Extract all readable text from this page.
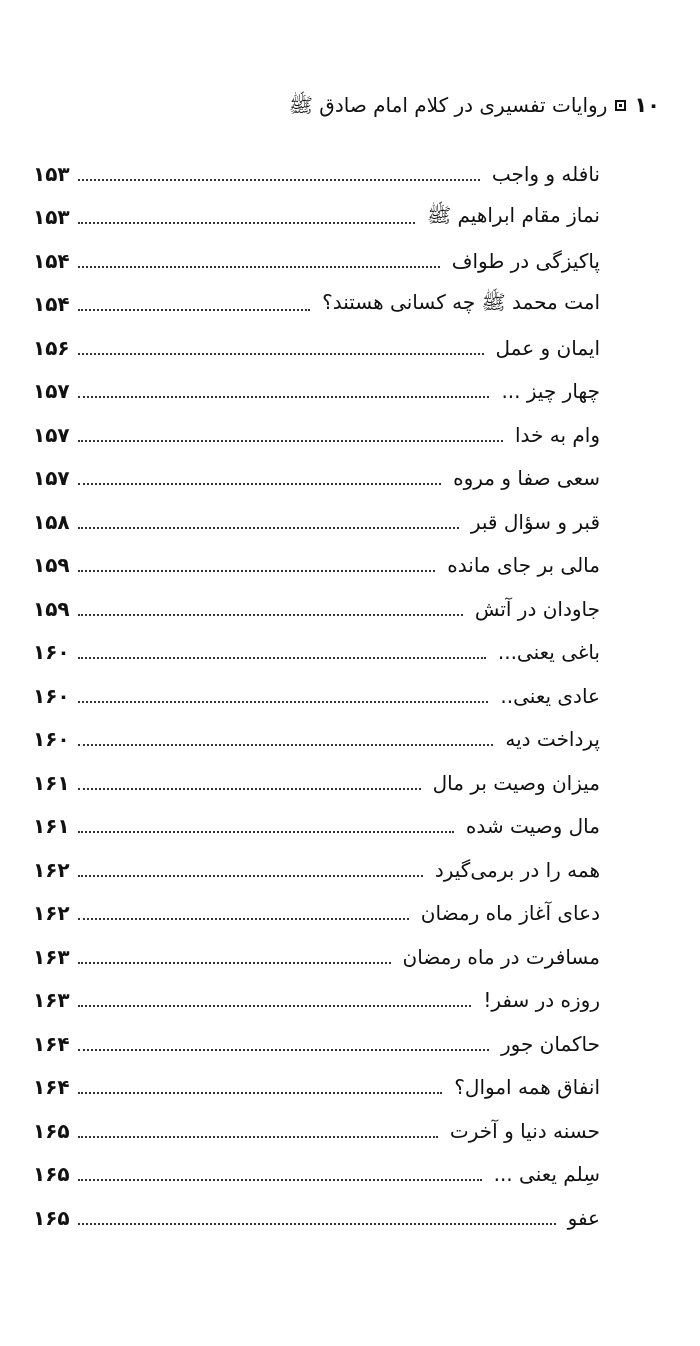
۱۰
روایات تفسیری در کلام امام صادق ﷺ
نافله و واجب
۱۵۳
نماز مقام ابراهیم ﷺ
۱۵۳
پاکیزگی در طواف
۱۵۴
امت محمد ﷺ چه کسانی هستند؟
۱۵۴
ایمان و عمل
۱۵۶
چهار چیز ...
۱۵۷
وام به خدا
۱۵۷
سعی صفا و مروه
۱۵۷
قبر و سؤال قبر
۱۵۸
مالی بر جای مانده
۱۵۹
جاودان در آتش
۱۵۹
باغی یعنی...
۱۶۰
عادی یعنی..
۱۶۰
پرداخت دیه
۱۶۰
میزان وصیت بر مال
۱۶۱
مال وصیت شده
۱۶۱
همه را در برمی‌گیرد
۱۶۲
دعای آغاز ماه رمضان
۱۶۲
مسافرت در ماه رمضان
۱۶۳
روزه در سفر!
۱۶۳
حاکمان جور
۱۶۴
انفاق همه اموال؟
۱۶۴
حسنه دنیا و آخرت
۱۶۵
سِلم یعنی ...
۱۶۵
عفو
۱۶۵
